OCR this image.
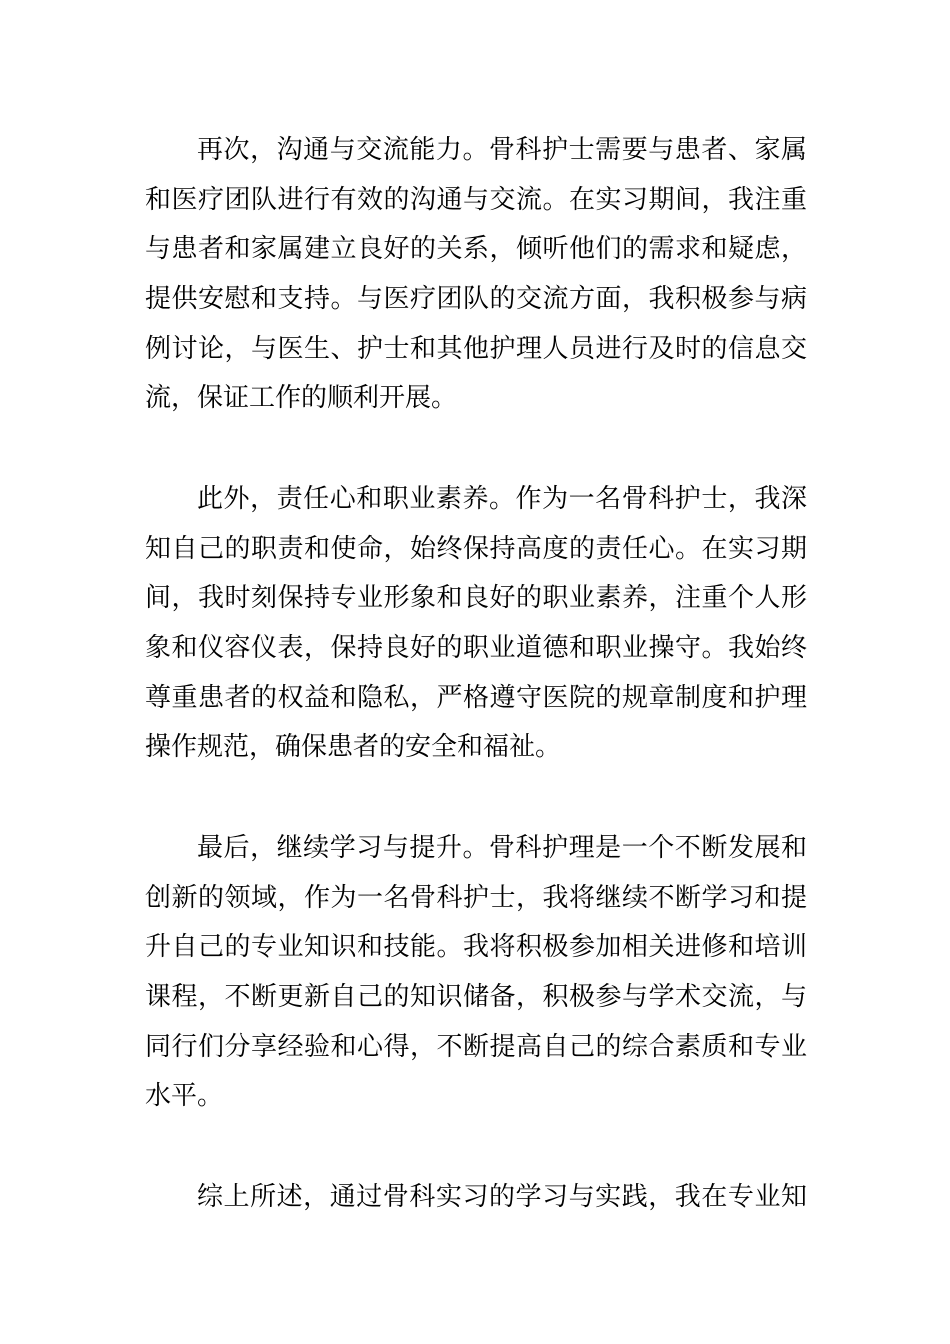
再次，沟通与交流能力。骨科护士需要与患者、家属
和医疗团队进行有效的沟通与交流。在实习期间，我注重
与患者和家属建立良好的关系，倾听他们的需求和疑虑，
提供安慰和支持。与医疗团队的交流方面，我积极参与病
例讨论，与医生、护士和其他护理人员进行及时的信息交
流，保证工作的顺利开展。
此外，责任心和职业素养。作为一名骨科护士，我深
知自己的职责和使命，始终保持高度的责任心。在实习期
间，我时刻保持专业形象和良好的职业素养，注重个人形
象和仪容仪表，保持良好的职业道德和职业操守。我始终
尊重患者的权益和隐私，严格遵守医院的规章制度和护理
操作规范，确保患者的安全和福祉。
最后，继续学习与提升。骨科护理是一个不断发展和
创新的领域，作为一名骨科护士，我将继续不断学习和提
升自己的专业知识和技能。我将积极参加相关进修和培训
课程，不断更新自己的知识储备，积极参与学术交流，与
同行们分享经验和心得，不断提高自己的综合素质和专业
水平。
综上所述，通过骨科实习的学习与实践，我在专业知
